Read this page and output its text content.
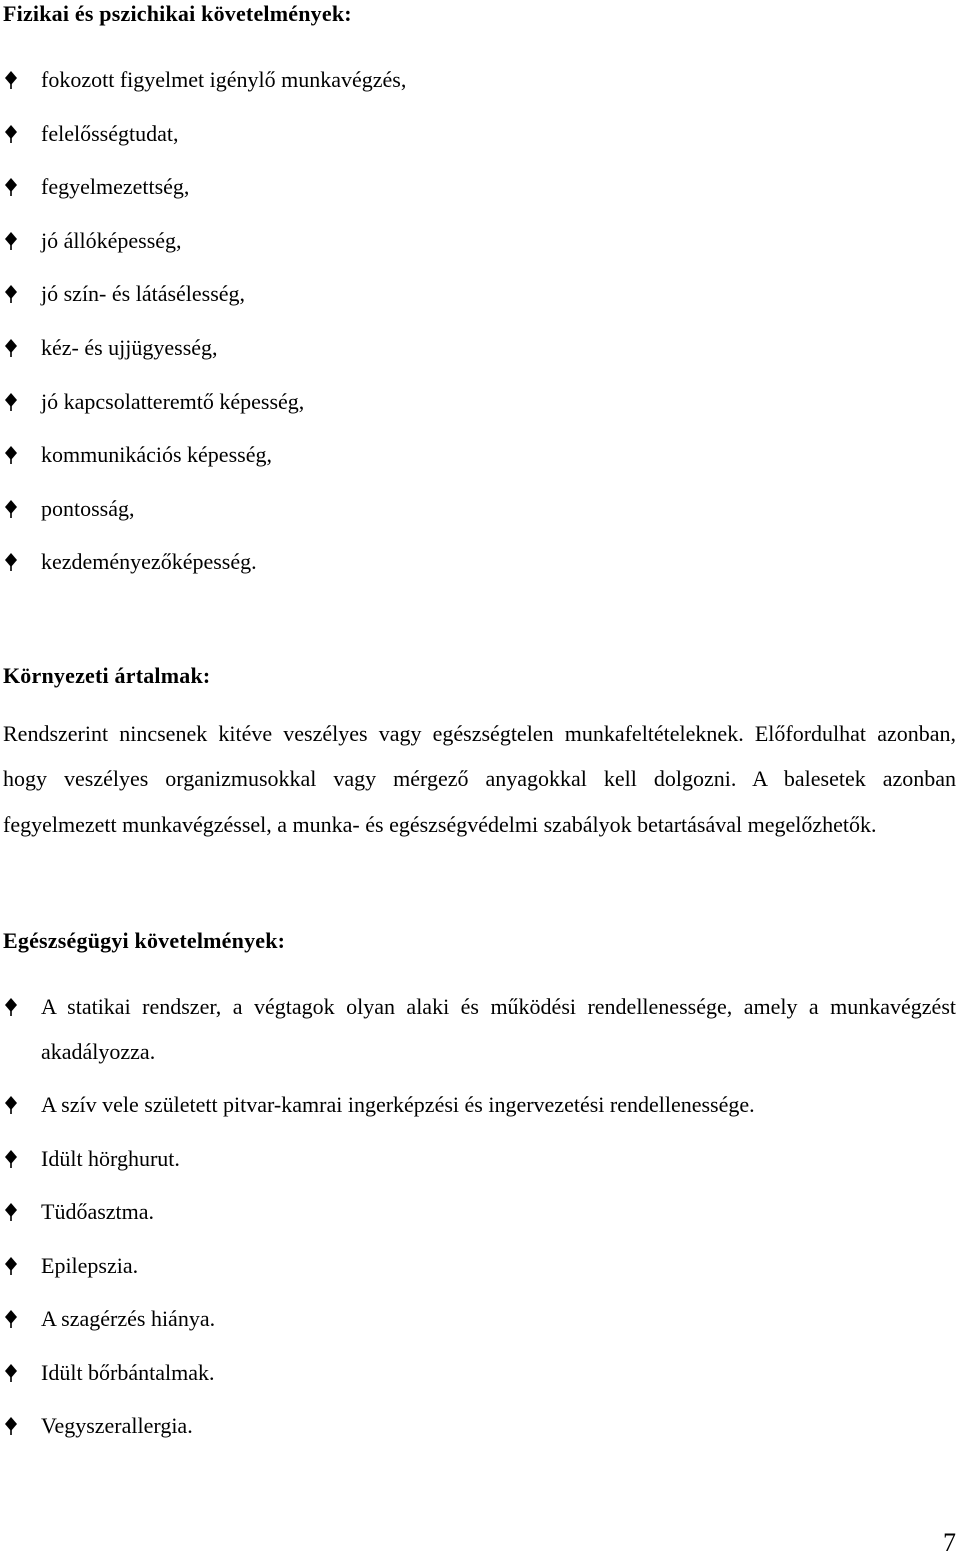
Fizikai és pszichikai követelmények:
fokozott figyelmet igénylő munkavégzés,
felelősségtudat,
fegyelmezettség,
jó állóképesség,
jó szín- és látásélesség,
kéz- és ujjügyesség,
jó kapcsolatteremtő képesség,
kommunikációs képesség,
pontosság,
kezdeményezőképesség.
Környezeti ártalmak:

Rendszerint nincsenek kitéve veszélyes vagy egészségtelen munkafeltételeknek. Előfordulhat azonban, hogy veszélyes organizmusokkal vagy mérgező anyagokkal kell dolgozni. A balesetek azonban fegyelmezett munkavégzéssel, a munka- és egészségvédelmi szabályok betartásával megelőzhetők.

Egészségügyi követelmények:
A statikai rendszer, a végtagok olyan alaki és működési rendellenessége, amely a munkavégzést akadályozza.
A szív vele született pitvar-kamrai ingerképzési és ingervezetési rendellenessége.
Idült hörghurut.
Tüdőasztma.
Epilepszia.
A szagérzés hiánya.
Idült bőrbántalmak.
Vegyszerallergia.
7
